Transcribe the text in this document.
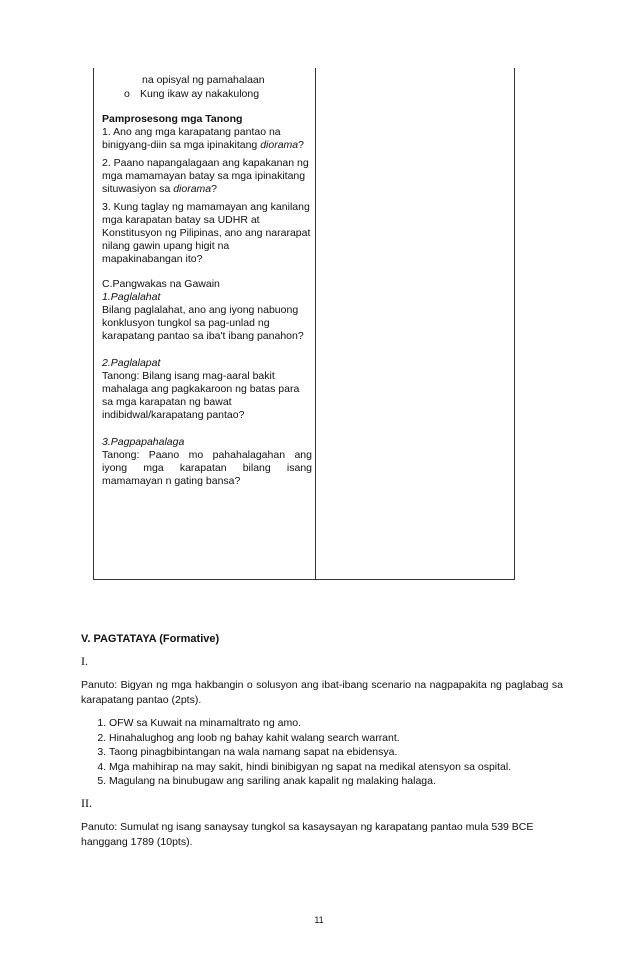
na opisyal ng pamahalaan

o Kung ikaw ay nakakulong

Pamprosesong mga Tanong

1. Ano ang mga karapatang pantao na binigyang-diin sa mga ipinakitang diorama?

2. Paano napangalagaan ang kapakanan ng mga mamamayan batay sa mga ipinakitang situwasiyon sa diorama?

3. Kung taglay ng mamamayan ang kanilang mga karapatan batay sa UDHR at Konstitusyon ng Pilipinas, ano ang nararapat nilang gawin upang higit na mapakinabangan ito?

C.Pangwakas na Gawain

1.Paglalahat

Bilang paglalahat, ano ang iyong nabuong konklusyon tungkol sa pag-unlad ng karapatang pantao sa iba't ibang panahon?

2.Paglalapat

Tanong: Bilang isang mag-aaral bakit mahalaga ang pagkakaroon ng batas para sa mga karapatan ng bawat indibidwal/karapatang pantao?

3.Pagpapahalaga

Tanong: Paano mo pahahalagahan ang iyong mga karapatan bilang isang mamamayan n gating bansa?

V. PAGTATAYA (Formative)
I.
Panuto: Bigyan ng mga hakbangin o solusyon ang ibat-ibang scenario na nagpapakita ng paglabag sa karapatang pantao (2pts).
1. OFW sa Kuwait na minamaltrato ng amo.
2. Hinahalughog ang loob ng bahay kahit walang search warrant.
3. Taong pinagbibintangan na wala namang sapat na ebidensya.
4. Mga mahihirap na may sakit, hindi binibigyan ng sapat na medikal atensyon sa ospital.
5. Magulang na binubugaw ang sariling anak kapalit ng malaking halaga.
II.
Panuto: Sumulat ng isang sanaysay tungkol sa kasaysayan ng karapatang pantao mula 539 BCE hanggang 1789 (10pts).
11
